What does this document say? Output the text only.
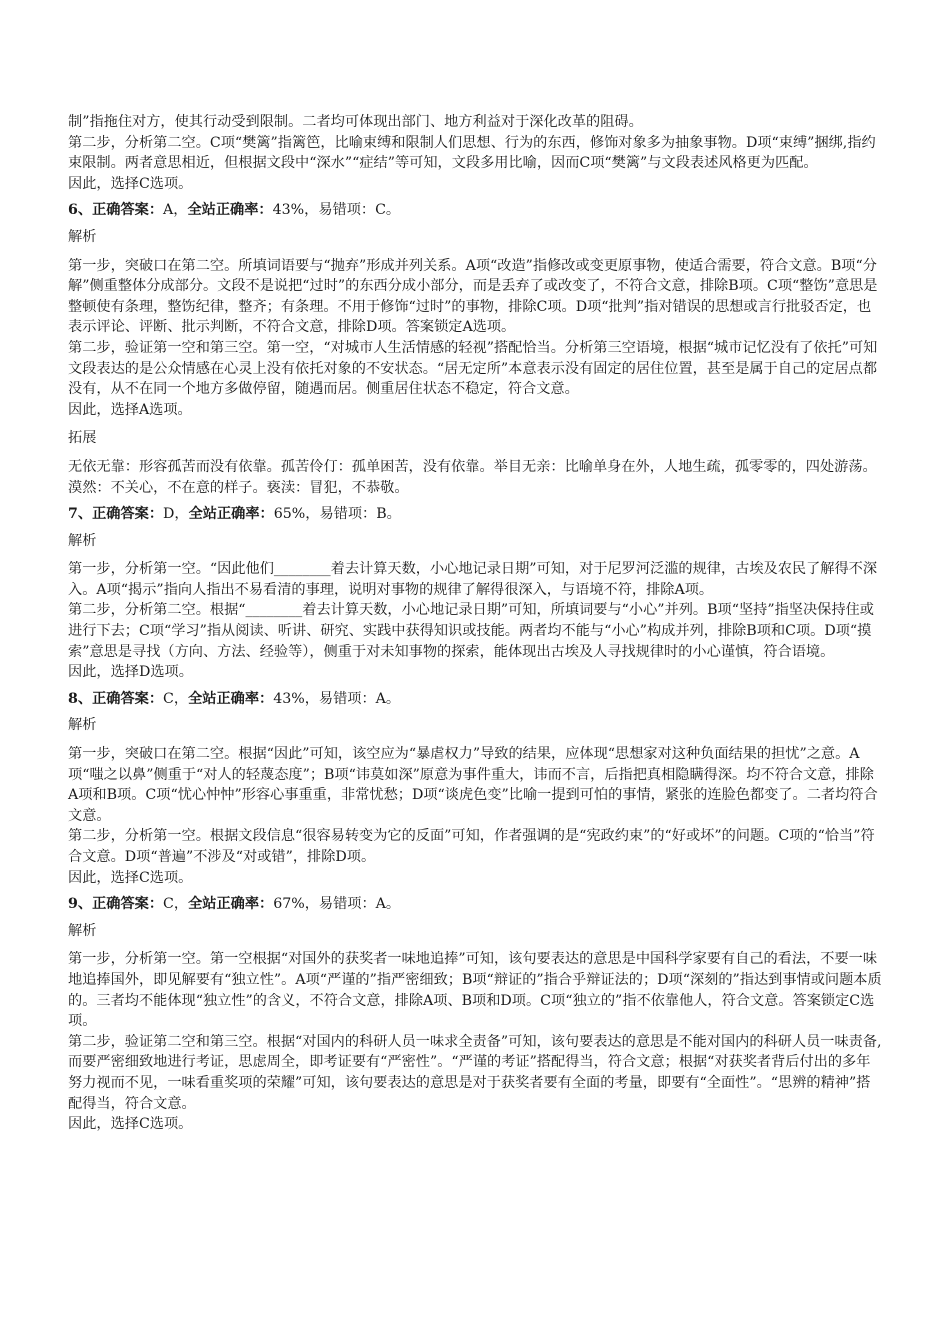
制”指拖住对方，使其行动受到限制。二者均可体现出部门、地方利益对于深化改革的阻碍。

第二步，分析第二空。C项“樊篱”指篱笆，比喻束缚和限制人们思想、行为的东西，修饰对象多为抽象事物。D项“束缚”捆绑,指约束限制。两者意思相近，但根据文段中“深水”“症结”等可知，文段多用比喻，因而C项“樊篱”与文段表述风格更为匹配。

因此，选择C选项。

6、正确答案：A，全站正确率：43%，易错项：C。

解析

第一步，突破口在第二空。所填词语要与“抛弃”形成并列关系。A项“改造”指修改或变更原事物，使适合需要，符合文意。B项“分解”侧重整体分成部分。文段不是说把“过时”的东西分成小部分，而是丢弃了或改变了，不符合文意，排除B项。C项“整饬”意思是整顿使有条理，整饬纪律，整齐；有条理。不用于修饰“过时”的事物，排除C项。D项“批判”指对错误的思想或言行批驳否定，也表示评论、评断、批示判断，不符合文意，排除D项。答案锁定A选项。

第二步，验证第一空和第三空。第一空，“对城市人生活情感的轻视”搭配恰当。分析第三空语境，根据“城市记忆没有了依托”可知文段表达的是公众情感在心灵上没有依托对象的不安状态。“居无定所”本意表示没有固定的居住位置，甚至是属于自己的定居点都没有，从不在同一个地方多做停留，随遇而居。侧重居住状态不稳定，符合文意。

因此，选择A选项。

拓展

无依无靠：形容孤苦而没有依靠。孤苦伶仃：孤单困苦，没有依靠。举目无亲：比喻单身在外，人地生疏，孤零零的，四处游荡。漠然：不关心，不在意的样子。亵渎：冒犯，不恭敬。

7、正确答案：D，全站正确率：65%，易错项：B。

解析

第一步，分析第一空。“因此他们________着去计算天数，小心地记录日期”可知，对于尼罗河泛滥的规律，古埃及农民了解得不深入。A项“揭示”指向人指出不易看清的事理，说明对事物的规律了解得很深入，与语境不符，排除A项。

第二步，分析第二空。根据“________着去计算天数，小心地记录日期”可知，所填词要与“小心”并列。B项“坚持”指坚决保持住或进行下去；C项“学习”指从阅读、听讲、研究、实践中获得知识或技能。两者均不能与“小心”构成并列，排除B项和C项。D项“摸索”意思是寻找（方向、方法、经验等），侧重于对未知事物的探索，能体现出古埃及人寻找规律时的小心谨慎，符合语境。

因此，选择D选项。

8、正确答案：C，全站正确率：43%，易错项：A。

解析

第一步，突破口在第二空。根据“因此”可知，该空应为“暴虐权力”导致的结果，应体现“思想家对这种负面结果的担忧”之意。A项“嗤之以鼻”侧重于“对人的轻蔑态度”；B项“讳莫如深”原意为事件重大，讳而不言，后指把真相隐瞒得深。均不符合文意，排除A项和B项。C项“忧心忡忡”形容心事重重，非常忧愁；D项“谈虎色变”比喻一提到可怕的事情，紧张的连脸色都变了。二者均符合文意。

第二步，分析第一空。根据文段信息“很容易转变为它的反面”可知，作者强调的是“宪政约束”的“好或坏”的问题。C项的“恰当”符合文意。D项“普遍”不涉及“对或错”，排除D项。

因此，选择C选项。

9、正确答案：C，全站正确率：67%，易错项：A。

解析

第一步，分析第一空。第一空根据“对国外的获奖者一味地追捧”可知，该句要表达的意思是中国科学家要有自己的看法，不要一味地追捧国外，即见解要有“独立性”。A项“严谨的”指严密细致；B项“辩证的”指合乎辩证法的；D项“深刻的”指达到事情或问题本质的。三者均不能体现“独立性”的含义，不符合文意，排除A项、B项和D项。C项“独立的”指不依靠他人，符合文意。答案锁定C选项。

第二步，验证第二空和第三空。根据“对国内的科研人员一味求全责备”可知，该句要表达的意思是不能对国内的科研人员一味责备,而要严密细致地进行考证，思虑周全，即考证要有“严密性”。“严谨的考证”搭配得当，符合文意；根据“对获奖者背后付出的多年努力视而不见，一味看重奖项的荣耀”可知，该句要表达的意思是对于获奖者要有全面的考量，即要有“全面性”。“思辨的精神”搭配得当，符合文意。

因此，选择C选项。
